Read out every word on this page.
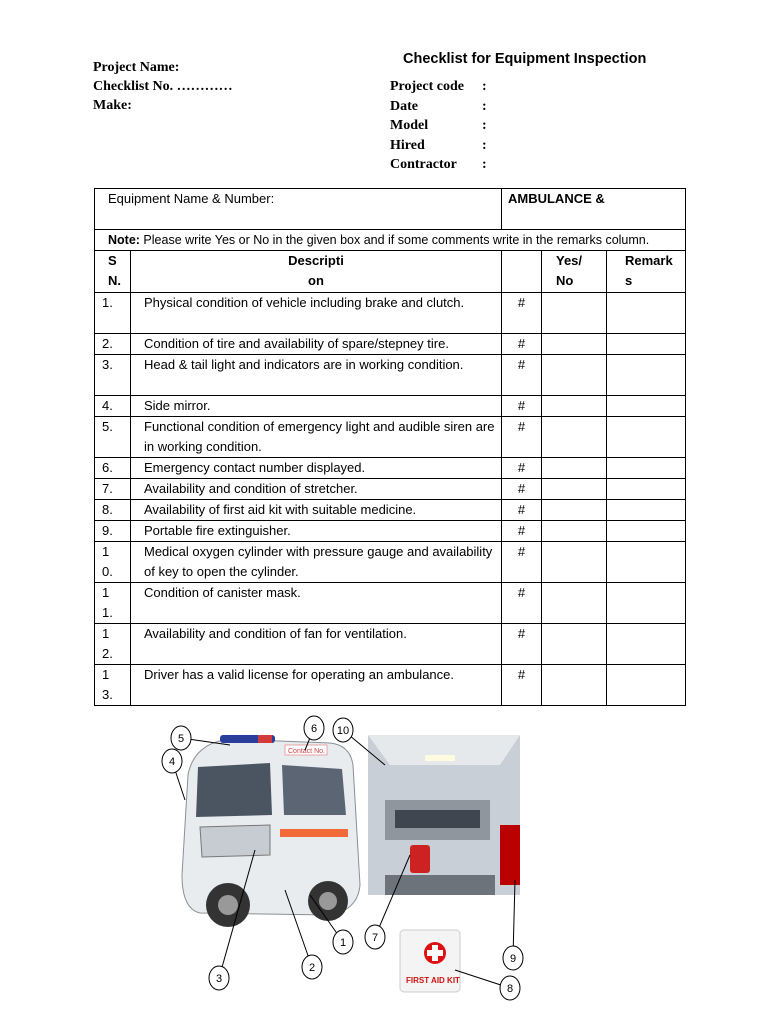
Checklist for Equipment Inspection
Project Name:
Checklist No. …………
Make:
Project code	:
Date	:
Model	:
Hired	:
Contractor	:
Equipment Name & Number:		AMBULANCE &		
Note: Please write Yes or No in the given box and if some comments write in the remarks column.				

S N.	Descripti on		Yes/ No	Remark s

1.	Physical condition of vehicle including brake and clutch.	#		

2.	Condition of tire and availability of spare/stepney tire.	#		

3.	Head & tail light and indicators are in working condition.	#		

4.	Side mirror.	#		

5.	Functional condition of emergency light and audible siren are in working condition.	#		

6.	Emergency contact number displayed.	#		

7.	Availability and condition of stretcher.	#		

8.	Availability of first aid kit with suitable medicine.	#		

9.	Portable fire extinguisher.	#		

1 0.	Medical oxygen cylinder with pressure gauge and availability of key to open the cylinder.	#		

1 1.	Condition of canister mask.	#		

1 2.	Availability and condition of fan for ventilation.	#		

1 3.	Driver has a valid license for operating an ambulance.	#		
Contact No.
FIRST AID KIT
1
2
3
4
5
6
7
8
9
10
